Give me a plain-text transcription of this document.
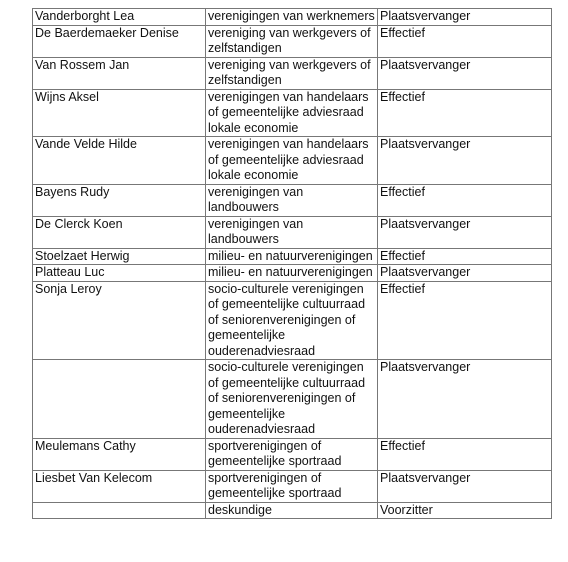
Vanderborght Lea	verenigingen van werknemers	Plaatsvervanger
De Baerdemaeker Denise	vereniging van werkgevers of zelfstandigen	Effectief
Van Rossem Jan	vereniging van werkgevers of zelfstandigen	Plaatsvervanger
Wijns Aksel	verenigingen van handelaars of gemeentelijke adviesraad lokale economie	Effectief
Vande Velde Hilde	verenigingen van handelaars of gemeentelijke adviesraad lokale economie	Plaatsvervanger
Bayens Rudy	verenigingen van landbouwers	Effectief
De Clerck Koen	verenigingen van landbouwers	Plaatsvervanger
Stoelzaet Herwig	milieu- en natuurverenigingen	Effectief
Platteau Luc	milieu- en natuurverenigingen	Plaatsvervanger
Sonja Leroy	socio-culturele verenigingen of gemeentelijke cultuurraad of seniorenverenigingen of gemeentelijke ouderenadviesraad	Effectief
	socio-culturele verenigingen of gemeentelijke cultuurraad of seniorenverenigingen of gemeentelijke ouderenadviesraad	Plaatsvervanger
Meulemans Cathy	sportverenigingen of gemeentelijke sportraad	Effectief
Liesbet Van Kelecom	sportverenigingen of gemeentelijke sportraad	Plaatsvervanger
	deskundige	Voorzitter
